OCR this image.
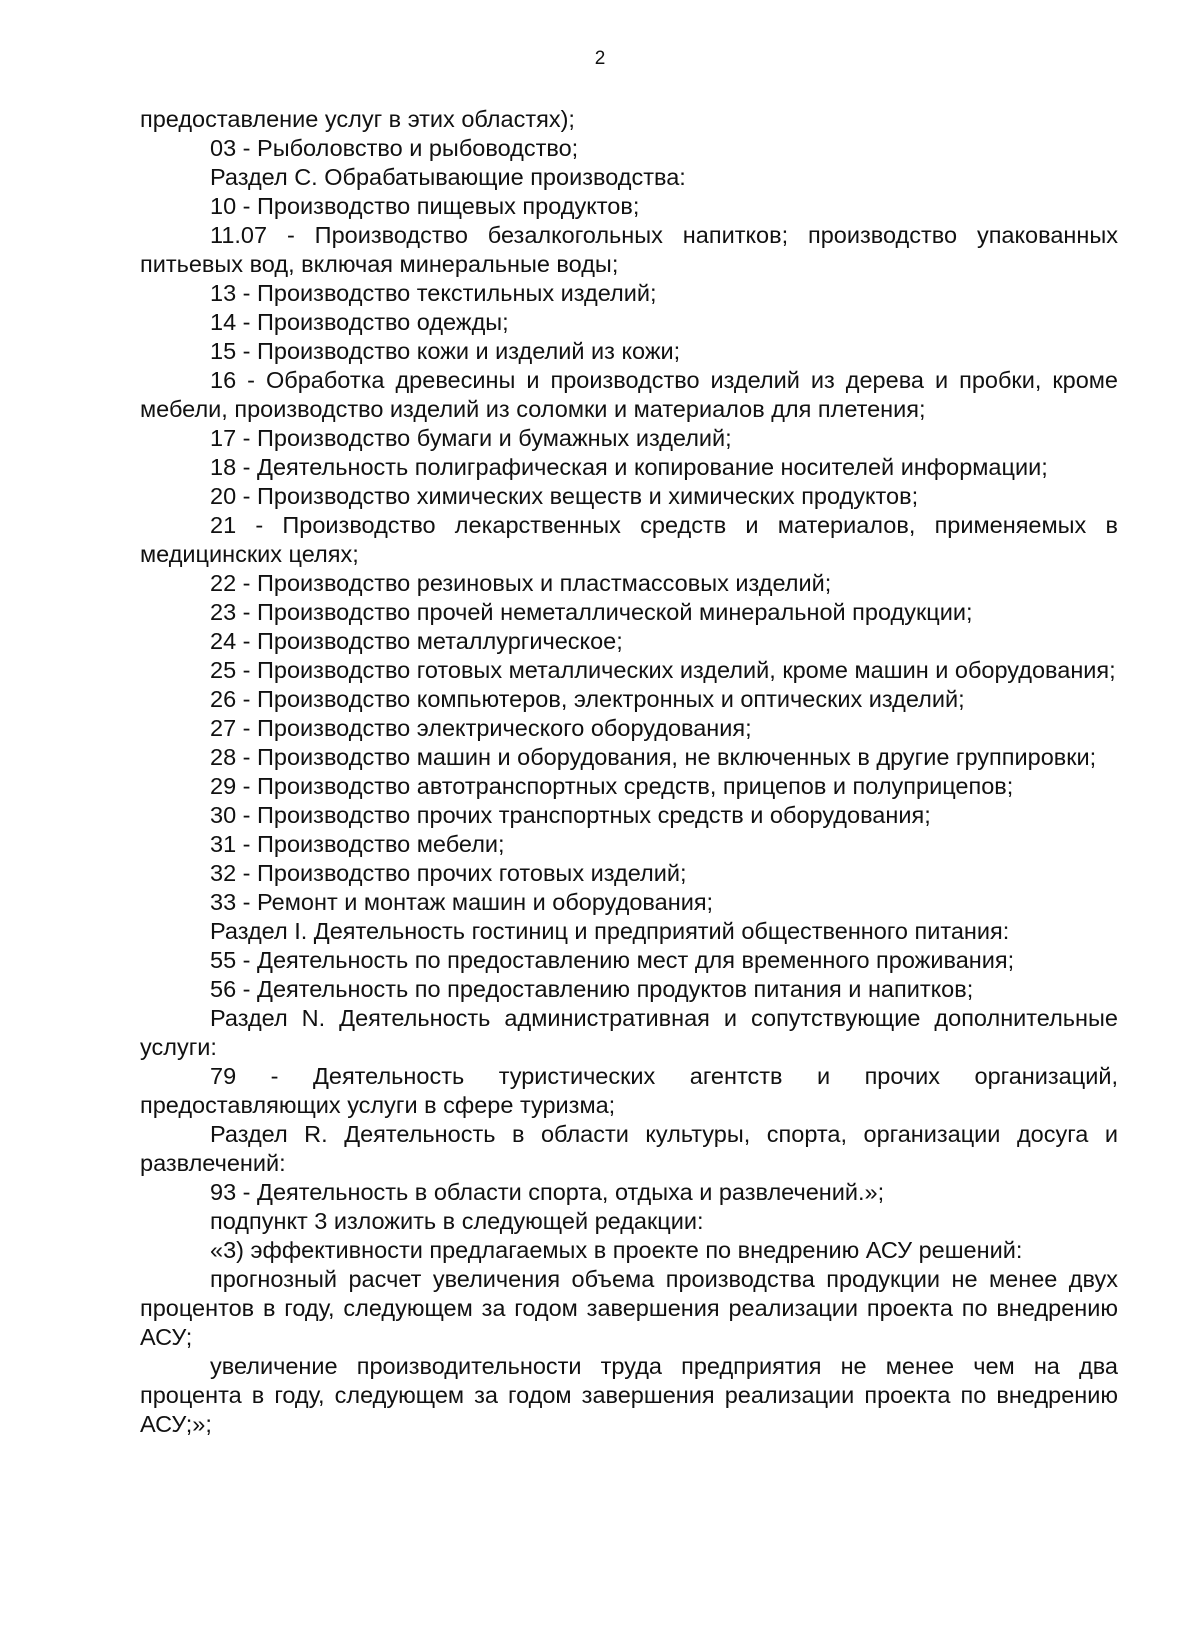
2

предоставление услуг в этих областях);

03 - Рыболовство и рыбоводство;

Раздел С. Обрабатывающие производства:

10 - Производство пищевых продуктов;

11.07 - Производство безалкогольных напитков; производство упакованных питьевых вод, включая минеральные воды;

13 - Производство текстильных изделий;

14 - Производство одежды;

15 - Производство кожи и изделий из кожи;

16 - Обработка древесины и производство изделий из дерева и пробки, кроме мебели, производство изделий из соломки и материалов для плетения;

17 - Производство бумаги и бумажных изделий;

18 - Деятельность полиграфическая и копирование носителей информации;

20 - Производство химических веществ и химических продуктов;

21 - Производство лекарственных средств и материалов, применяемых в медицинских целях;

22 - Производство резиновых и пластмассовых изделий;

23 - Производство прочей неметаллической минеральной продукции;

24 - Производство металлургическое;

25 - Производство готовых металлических изделий, кроме машин и оборудования;

26 - Производство компьютеров, электронных и оптических изделий;

27 - Производство электрического оборудования;

28 - Производство машин и оборудования, не включенных в другие группировки;

29 - Производство автотранспортных средств, прицепов и полуприцепов;

30 - Производство прочих транспортных средств и оборудования;

31 - Производство мебели;

32 - Производство прочих готовых изделий;

33 - Ремонт и монтаж машин и оборудования;

Раздел I. Деятельность гостиниц и предприятий общественного питания:

55 - Деятельность по предоставлению мест для временного проживания;

56 - Деятельность по предоставлению продуктов питания и напитков;

Раздел N. Деятельность административная и сопутствующие дополнительные услуги:

79 - Деятельность туристических агентств и прочих организаций, предоставляющих услуги в сфере туризма;

Раздел R. Деятельность в области культуры, спорта, организации досуга и развлечений:

93 - Деятельность в области спорта, отдыха и развлечений.»;

подпункт 3 изложить в следующей редакции:

«3) эффективности предлагаемых в проекте по внедрению АСУ решений:

прогнозный расчет увеличения объема производства продукции не менее двух процентов в году, следующем за годом завершения реализации проекта по внедрению АСУ;

увеличение производительности труда предприятия не менее чем на два процента в году, следующем за годом завершения реализации проекта по внедрению АСУ;»;
